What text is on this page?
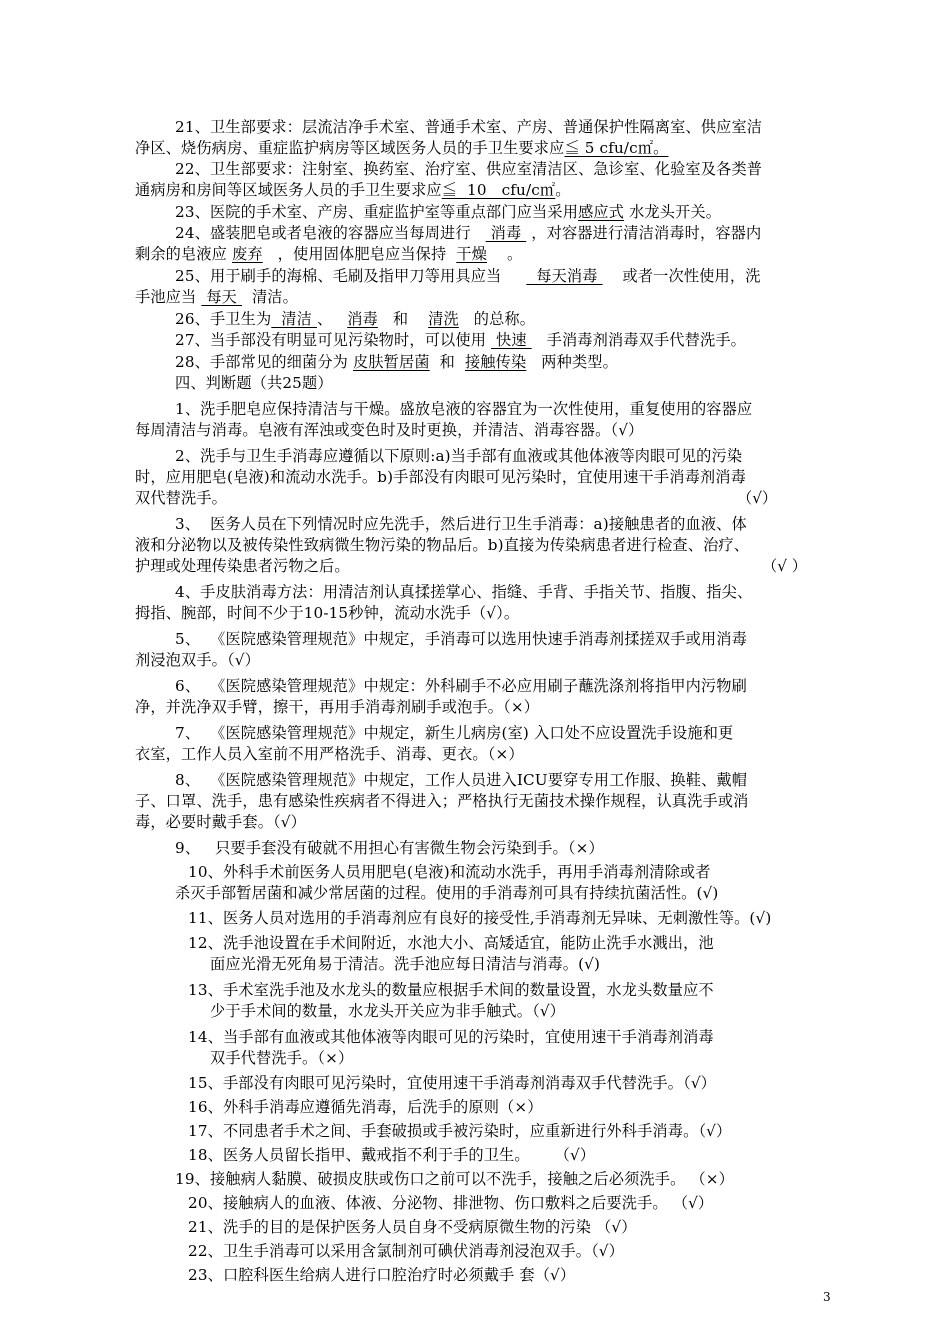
21、卫生部要求：层流洁净手术室、普通手术室、产房、普通保护性隔离室、供应室洁
净区、烧伤病房、重症监护病房等区域医务人员的手卫生要求应≦ 5 cfu/c㎡。
22、卫生部要求：注射室、换药室、治疗室、供应室清洁区、急诊室、化验室及各类普
通病房和房间等区域医务人员的手卫生要求应≦  10   cfu/c㎡。
23、医院的手术室、产房、重症监护室等重点部门应当采用感应式 水龙头开关。
24、盛装肥皂或者皂液的容器应当每周进行    消毒  ，对容器进行清洁消毒时，容器内
剩余的皂液应 废弃 ，使用固体肥皂应当保持 干燥 。
25、用于刷手的海棉、毛刷及指甲刀等用具应当       每天消毒     或者一次性使用，洗
手池应当  每天   清洁。
26、手卫生为  清洁 、 消毒 和 清洗 的总称。
27、当手部没有明显可见污染物时，可以使用  快速    手消毒剂消毒双手代替洗手。
28、手部常见的细菌分为 皮肤暂居菌 和 接触传染 两种类型。
四、判断题（共25题）
1、洗手肥皂应保持清洁与干燥。盛放皂液的容器宜为一次性使用，重复使用的容器应
每周清洁与消毒。皂液有浑浊或变色时及时更换，并清洁、消毒容器。（√）
2、洗手与卫生手消毒应遵循以下原则:a)当手部有血液或其他体液等肉眼可见的污染
时，应用肥皂(皂液)和流动水洗手。b)手部没有肉眼可见污染时，宜使用速干手消毒剂消毒
双代替洗手。	（√）
3、  医务人员在下列情况时应先洗手，然后进行卫生手消毒：a)接触患者的血液、体
液和分泌物以及被传染性致病微生物污染的物品后。b)直接为传染病患者进行检查、治疗、
护理或处理传染患者污物之后。	（√ ）
4、手皮肤消毒方法：用清洁剂认真揉搓掌心、指缝、手背、手指关节、指腹、指尖、
拇指、腕部，时间不少于10-15秒钟，流动水洗手（√）。
5、  《医院感染管理规范》中规定，手消毒可以选用快速手消毒剂揉搓双手或用消毒
剂浸泡双手。（√）
6、  《医院感染管理规范》中规定：外科刷手不必应用刷子蘸洗涤剂将指甲内污物刷
净，并洗净双手臂，擦干，再用手消毒剂刷手或泡手。（×）
7、  《医院感染管理规范》中规定，新生儿病房(室) 入口处不应设置洗手设施和更
衣室，工作人员入室前不用严格洗手、消毒、更衣。（×）
8、  《医院感染管理规范》中规定，工作人员进入ICU要穿专用工作服、换鞋、戴帽
子、口罩、洗手，患有感染性疾病者不得进入；严格执行无菌技术操作规程，认真洗手或消
毒，必要时戴手套。（√）
9、   只要手套没有破就不用担心有害微生物会污染到手。（×）
10、外科手术前医务人员用肥皂(皂液)和流动水洗手，再用手消毒剂清除或者
杀灭手部暂居菌和减少常居菌的过程。使用的手消毒剂可具有持续抗菌活性。(√)
11、医务人员对选用的手消毒剂应有良好的接受性,手消毒剂无异味、无刺激性等。(√)
12、洗手池设置在手术间附近，水池大小、高矮适宜，能防止洗手水溅出，池
面应光滑无死角易于清洁。洗手池应每日清洁与消毒。(√)
13、手术室洗手池及水龙头的数量应根据手术间的数量设置，水龙头数量应不
少于手术间的数量，水龙头开关应为非手触式。（√）
14、当手部有血液或其他体液等肉眼可见的污染时，宜使用速干手消毒剂消毒
双手代替洗手。（×）
15、手部没有肉眼可见污染时，宜使用速干手消毒剂消毒双手代替洗手。（√）
16、外科手消毒应遵循先消毒，后洗手的原则（×）
17、不同患者手术之间、手套破损或手被污染时，应重新进行外科手消毒。（√）
18、医务人员留长指甲、戴戒指不利于手的卫生。     （√）
19、接触病人黏膜、破损皮肤或伤口之前可以不洗手，接触之后必须洗手。 （×）
20、接触病人的血液、体液、分泌物、排泄物、伤口敷料之后要洗手。 （√）
21、洗手的目的是保护医务人员自身不受病原微生物的污染 （√）
22、卫生手消毒可以采用含氯制剂可碘伏消毒剂浸泡双手。（√）
23、口腔科医生给病人进行口腔治疗时必须戴手 套（√）
3
